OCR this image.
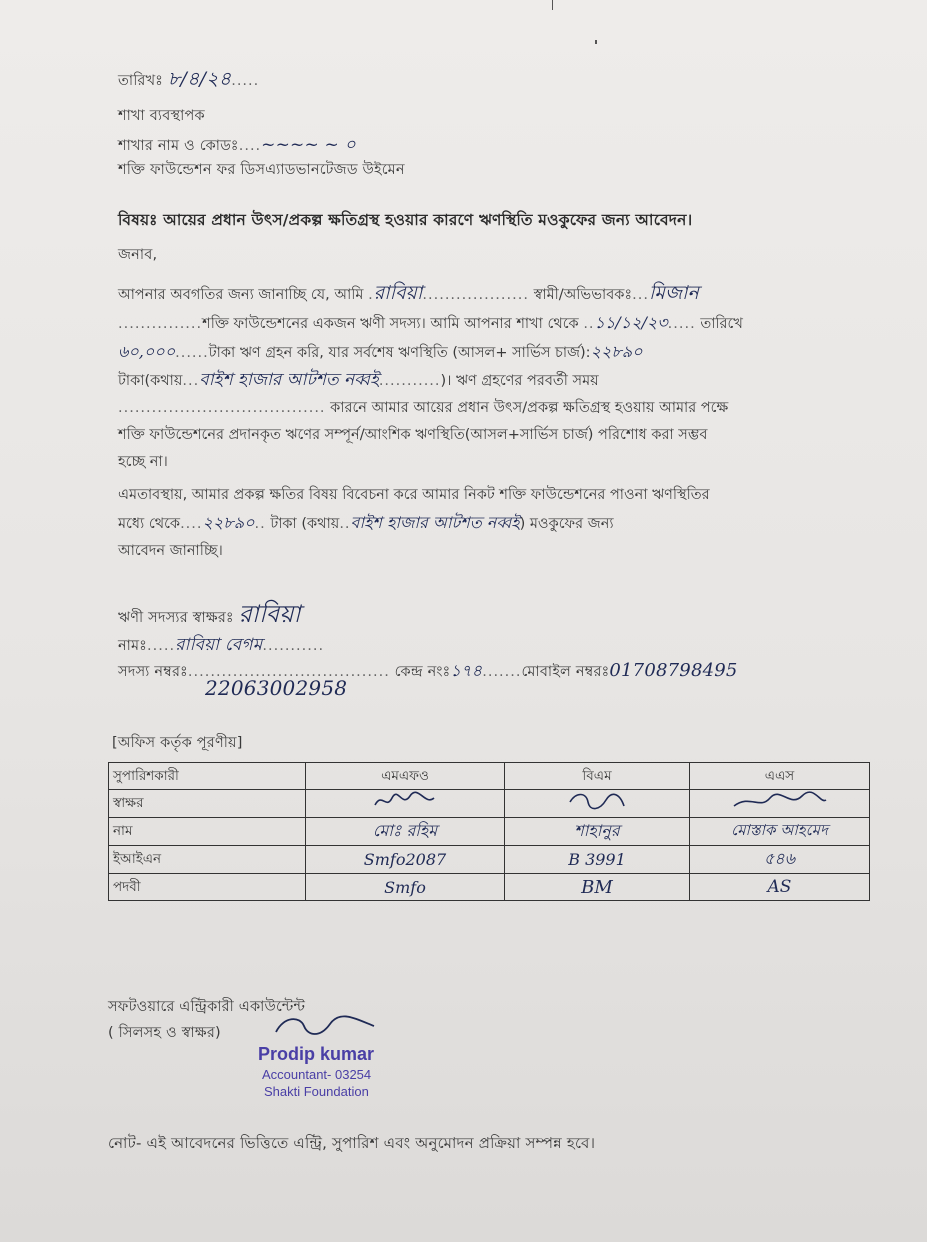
তারিখঃ ৮/৪/২৪.....
শাখা ব্যবস্থাপক
শাখার নাম ও কোডঃ....~~~~ ~ ০
শক্তি ফাউন্ডেশন ফর ডিসএ্যাডভানটেজড উইমেন
বিষয়ঃ আয়ের প্রধান উৎস/প্রকল্প ক্ষতিগ্রস্থ হওয়ার কারণে ঋণস্থিতি মওকুফের জন্য আবেদন।
জনাব,
আপনার অবগতির জন্য জানাচ্ছি যে, আমি .রাবিয়া................... স্বামী/অভিভাবকঃ...মিজান
...............শক্তি ফাউন্ডেশনের একজন ঋণী সদস্য। আমি আপনার শাখা থেকে ..১১/১২/২৩..... তারিখে
৬০,০০০......টাকা ঋণ গ্রহন করি, যার সর্বশেষ ঋণস্থিতি (আসল+ সার্ভিস চার্জ):২২৮৯০
টাকা(কথায়...বাইশ হাজার আটশত নব্বই...........)। ঋণ গ্রহণের পরবর্তী সময়
..................................... কারনে আমার আয়ের প্রধান উৎস/প্রকল্প ক্ষতিগ্রস্থ হওয়ায় আমার পক্ষে
শক্তি ফাউন্ডেশনের প্রদানকৃত ঋণের সম্পূর্ন/আংশিক ঋণস্থিতি(আসল+সার্ভিস চার্জ) পরিশোধ করা সম্ভব
হচ্ছে না।
এমতাবস্থায়, আমার প্রকল্প ক্ষতির বিষয় বিবেচনা করে আমার নিকট শক্তি ফাউন্ডেশনের পাওনা ঋণস্থিতির
মধ্যে থেকে....২২৮৯০.. টাকা (কথায়..বাইশ হাজার আটশত নব্বই) মওকুফের জন্য
আবেদন জানাচ্ছি।
ঋণী সদস্যর স্বাক্ষরঃ রাবিয়া
নামঃ.....রাবিয়া বেগম...........
সদস্য নম্বরঃ.................................... কেন্দ্র নংঃ১৭৪.......মোবাইল নম্বরঃ01708798495
22063002958
[অফিস কর্তৃক পূরণীয়]
সুপারিশকারী	এমএফও	বিএম	এএস
স্বাক্ষর			
নাম	মোঃ রহিম	শাহানুর	মোস্তাক আহমেদ
ইআইএন	Smfo2087	B 3991	৫৪৬
পদবী	Smfo	BM	AS
সফটওয়ারে এন্ট্রিকারী একাউন্টেন্ট
( সিলসহ ও স্বাক্ষর)
Prodip kumar
Accountant- 03254
Shakti Foundation
নোট- এই আবেদনের ভিত্তিতে এন্ট্রি, সুপারিশ এবং অনুমোদন প্রক্রিয়া সম্পন্ন হবে।
